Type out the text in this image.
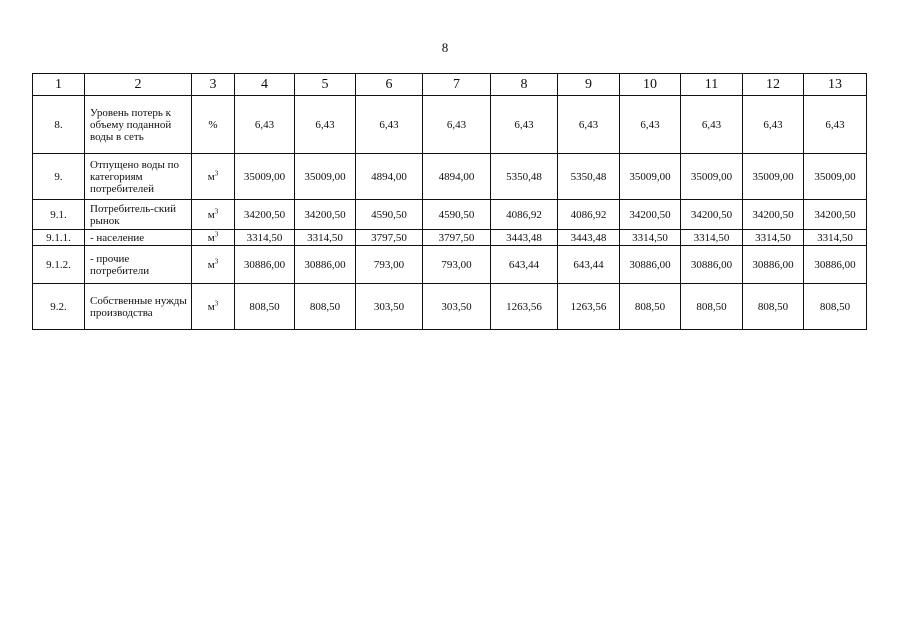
8
1	2	3	4	5	6	7	8	9	10	11	12	13
8.	Уровень потерь к объему поданной воды в сеть	%	6,43	6,43	6,43	6,43	6,43	6,43	6,43	6,43	6,43	6,43
9.	Отпущено воды по категориям потребителей	$м^3$	35009,00	35009,00	4894,00	4894,00	5350,48	5350,48	35009,00	35009,00	35009,00	35009,00
9.1.	Потребитель-ский рынок	$м^3$	34200,50	34200,50	4590,50	4590,50	4086,92	4086,92	34200,50	34200,50	34200,50	34200,50
9.1.1.	- население	$м^3$	3314,50	3314,50	3797,50	3797,50	3443,48	3443,48	3314,50	3314,50	3314,50	3314,50
9.1.2.	- прочие потребители	$м^3$	30886,00	30886,00	793,00	793,00	643,44	643,44	30886,00	30886,00	30886,00	30886,00
9.2.	Собственные нужды производства	$м^3$	808,50	808,50	303,50	303,50	1263,56	1263,56	808,50	808,50	808,50	808,50
